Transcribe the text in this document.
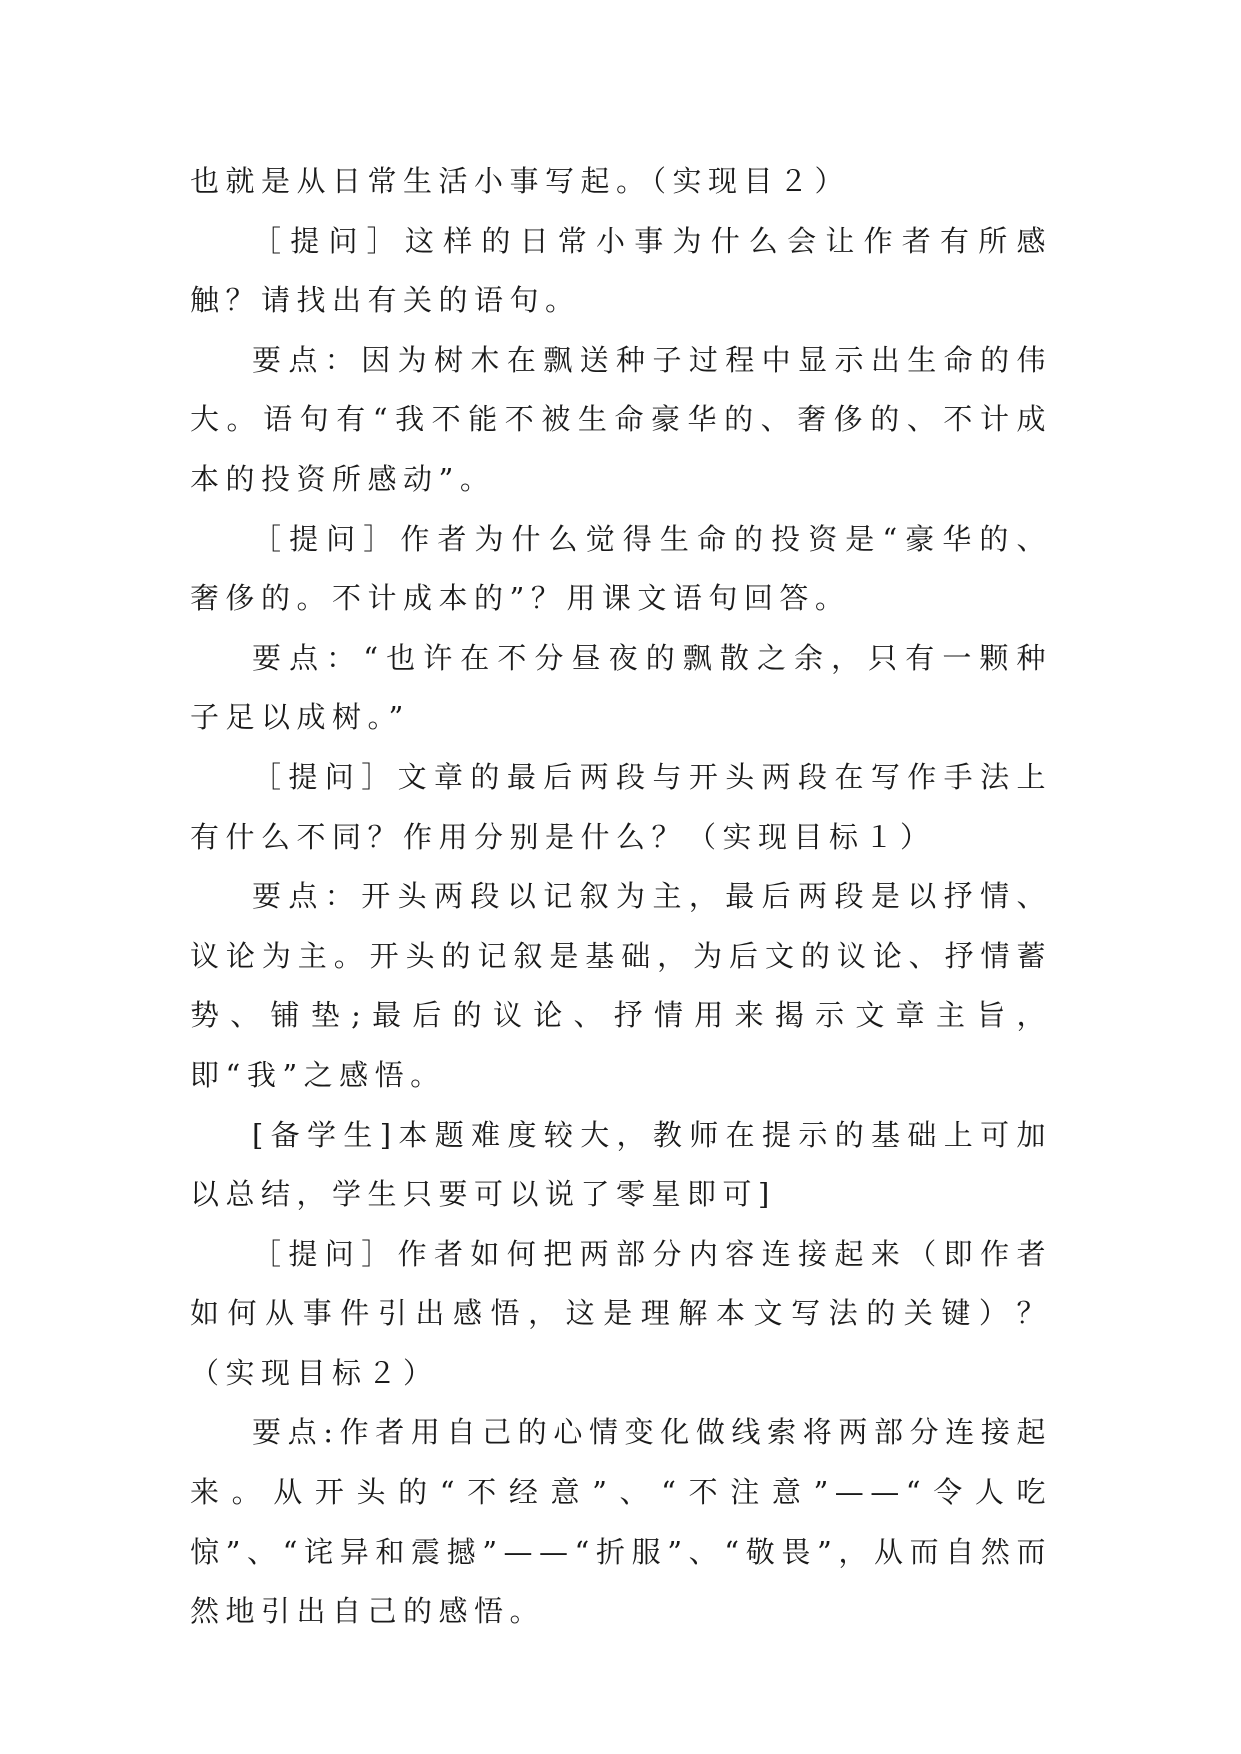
也就是从日常生活小事写起。（实现目２）

［提问］这样的日常小事为什么会让作者有所感触？请找出有关的语句。

要点：因为树木在飘送种子过程中显示出生命的伟大。语句有“我不能不被生命豪华的、奢侈的、不计成本的投资所感动”。

［提问］作者为什么觉得生命的投资是“豪华的、奢侈的。不计成本的”？用课文语句回答。

要点：“也许在不分昼夜的飘散之余，只有一颗种子足以成树。”

［提问］文章的最后两段与开头两段在写作手法上有什么不同？作用分别是什么？（实现目标１）

要点：开头两段以记叙为主，最后两段是以抒情、议论为主。开头的记叙是基础，为后文的议论、抒情蓄势、铺垫;最后的议论、抒情用来揭示文章主旨，即“我”之感悟。

[备学生]本题难度较大，教师在提示的基础上可加以总结，学生只要可以说了零星即可]

［提问］作者如何把两部分内容连接起来（即作者如何从事件引出感悟，这是理解本文写法的关键）？（实现目标２）

要点:作者用自己的心情变化做线索将两部分连接起来。从开头的“不经意”、“不注意”——“令人吃惊”、“诧异和震撼”——“折服”、“敬畏”，从而自然而然地引出自己的感悟。
